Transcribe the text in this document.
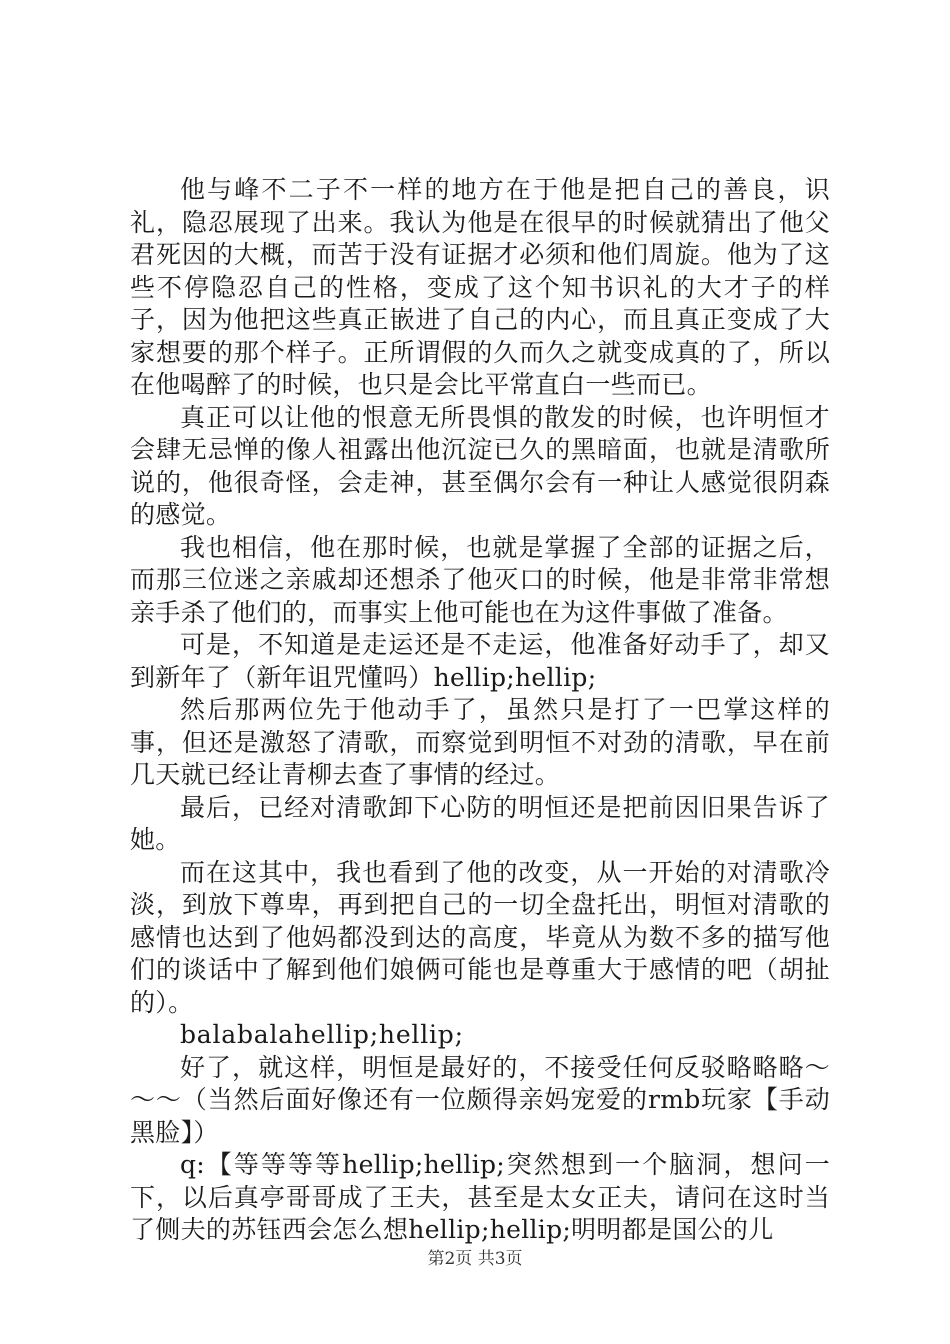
他与峰不二子不一样的地方在于他是把自己的善良，识礼，隐忍展现了出来。我认为他是在很早的时候就猜出了他父君死因的大概，而苦于没有证据才必须和他们周旋。他为了这些不停隐忍自己的性格，变成了这个知书识礼的大才子的样子，因为他把这些真正嵌进了自己的内心，而且真正变成了大家想要的那个样子。正所谓假的久而久之就变成真的了，所以在他喝醉了的时候，也只是会比平常直白一些而已。

真正可以让他的恨意无所畏惧的散发的时候，也许明恒才会肆无忌惮的像人祖露出他沉淀已久的黑暗面，也就是清歌所说的，他很奇怪，会走神，甚至偶尔会有一种让人感觉很阴森的感觉。

我也相信，他在那时候，也就是掌握了全部的证据之后，而那三位迷之亲戚却还想杀了他灭口的时候，他是非常非常想亲手杀了他们的，而事实上他可能也在为这件事做了准备。

可是，不知道是走运还是不走运，他准备好动手了，却又到新年了（新年诅咒懂吗）hellip;hellip;

然后那两位先于他动手了，虽然只是打了一巴掌这样的事，但还是激怒了清歌，而察觉到明恒不对劲的清歌，早在前几天就已经让青柳去查了事情的经过。

最后，已经对清歌卸下心防的明恒还是把前因旧果告诉了她。

而在这其中，我也看到了他的改变，从一开始的对清歌冷淡，到放下尊卑，再到把自己的一切全盘托出，明恒对清歌的感情也达到了他妈都没到达的高度，毕竟从为数不多的描写他们的谈话中了解到他们娘俩可能也是尊重大于感情的吧（胡扯的）。

balabalahellip;hellip;

好了，就这样，明恒是最好的，不接受任何反驳略略略～～～（当然后面好像还有一位颇得亲妈宠爱的rmb玩家【手动黑脸】）

q:【等等等等hellip;hellip;突然想到一个脑洞，想问一下，以后真亭哥哥成了王夫，甚至是太女正夫，请问在这时当了侧夫的苏钰西会怎么想hellip;hellip;明明都是国公的儿

第2页 共3页
